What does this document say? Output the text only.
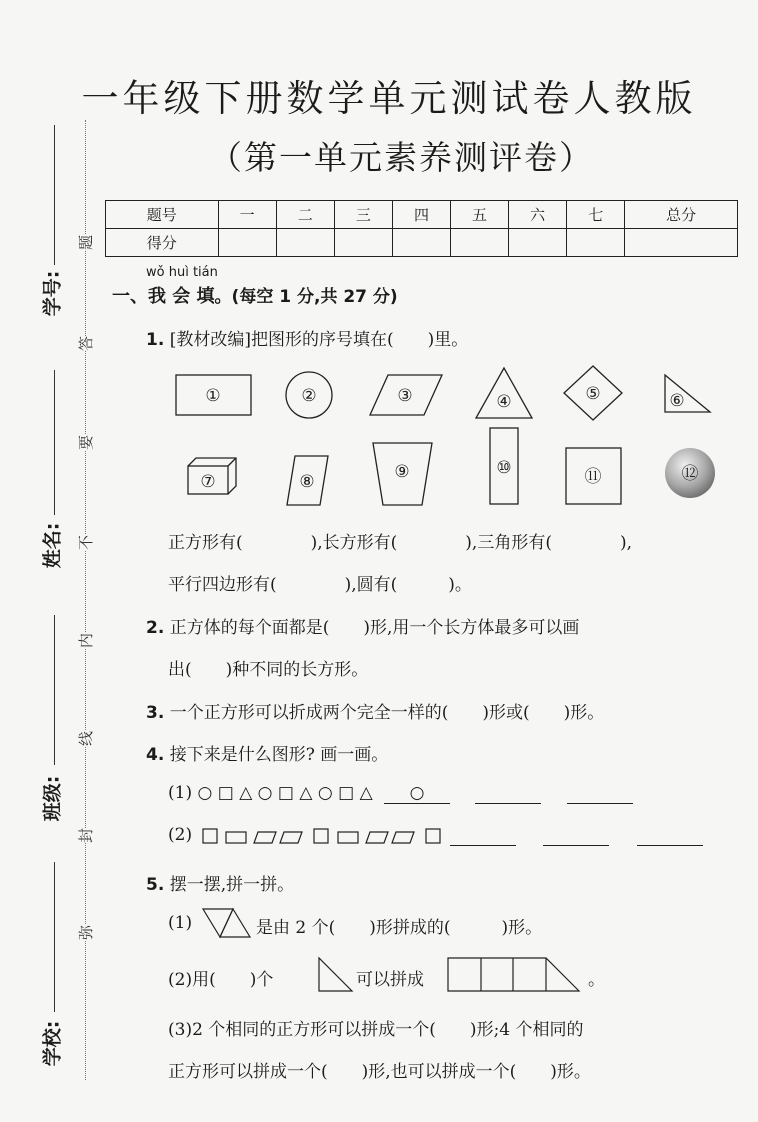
学号:
姓名:
班级:
学校:
题
答
要
不
内
线
封
弥
一年级下册数学单元测试卷人教版
（第一单元素养测评卷）
题号	一	二	三	四	五	六	七	总分
得分								
wǒ huì tián
一、我 会 填。(每空 1 分,共 27 分)
1. [教材改编]把图形的序号填在(　　)里。
①	②	③	④	⑤	⑥
⑦	⑧	⑨	⑩	⑪	⑫
正方形有(　　　　),长方形有(　　　　),三角形有(　　　　),
平行四边形有(　　　　),圆有(　　　)。
2. 正方体的每个面都是(　　)形,用一个长方体最多可以画
出(　　)种不同的长方形。
3. 一个正方形可以折成两个完全一样的(　　)形或(　　)形。
4. 接下来是什么图形? 画一画。
(1) ○ □ △ ○ □ △ ○ □ △ ○
(2)

5. 摆一摆,拼一拼。
(1)	是由 2 个(　　)形拼成的(　　　)形。
(2)用(　　)个	可以拼成	。
(3)2 个相同的正方形可以拼成一个(　　)形;4 个相同的
正方形可以拼成一个(　　)形,也可以拼成一个(　　)形。
